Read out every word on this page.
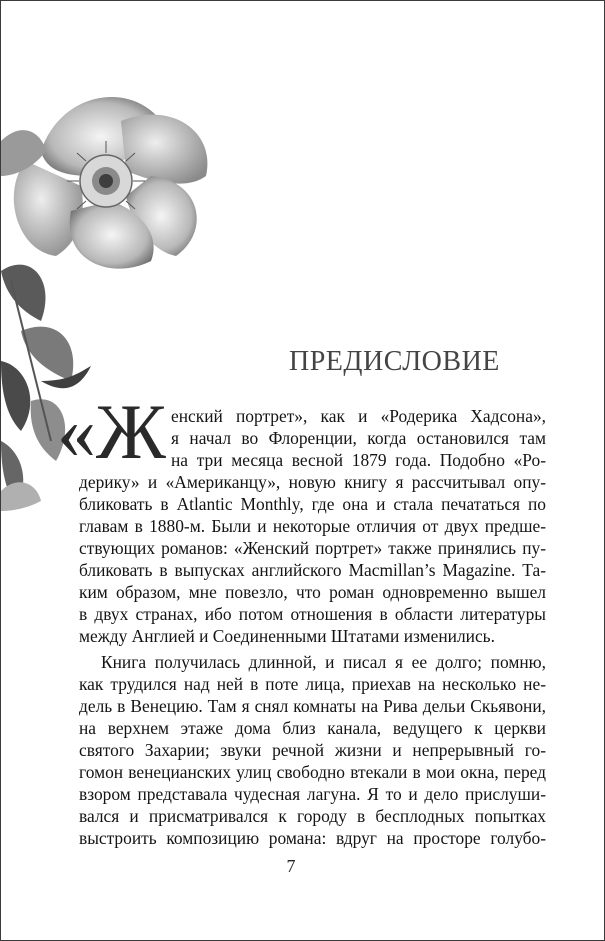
ПРЕДИСЛОВИЕ
«Ж енский портрет», как и «Родерика Хадсона»,
я начал во Флоренции, когда остановился там
на три месяца весной 1879 года. Подобно «Ро-
дерику» и «Американцу», новую книгу я рассчитывал опу-
бликовать в Atlantic Monthly, где она и стала печататься по
главам в 1880-м. Были и некоторые отличия от двух предше-
ствующих романов: «Женский портрет» также принялись пу-
бликовать в выпусках английского Macmillan’s Magazine. Та-
ким образом, мне повезло, что роман одновременно вышел
в двух странах, ибо потом отношения в области литературы
между Англией и Соединенными Штатами изменились.
Книга получилась длинной, и писал я ее долго; помню,
как трудился над ней в поте лица, приехав на несколько не-
дель в Венецию. Там я снял комнаты на Рива дельи Скьявони,
на верхнем этаже дома близ канала, ведущего к церкви
святого Захарии; звуки речной жизни и непрерывный го-
гомон венецианских улиц свободно втекали в мои окна, перед
взором представала чудесная лагуна. Я то и дело прислуши-
вался и присматривался к городу в бесплодных попытках
выстроить композицию романа: вдруг на просторе голубо-
7
